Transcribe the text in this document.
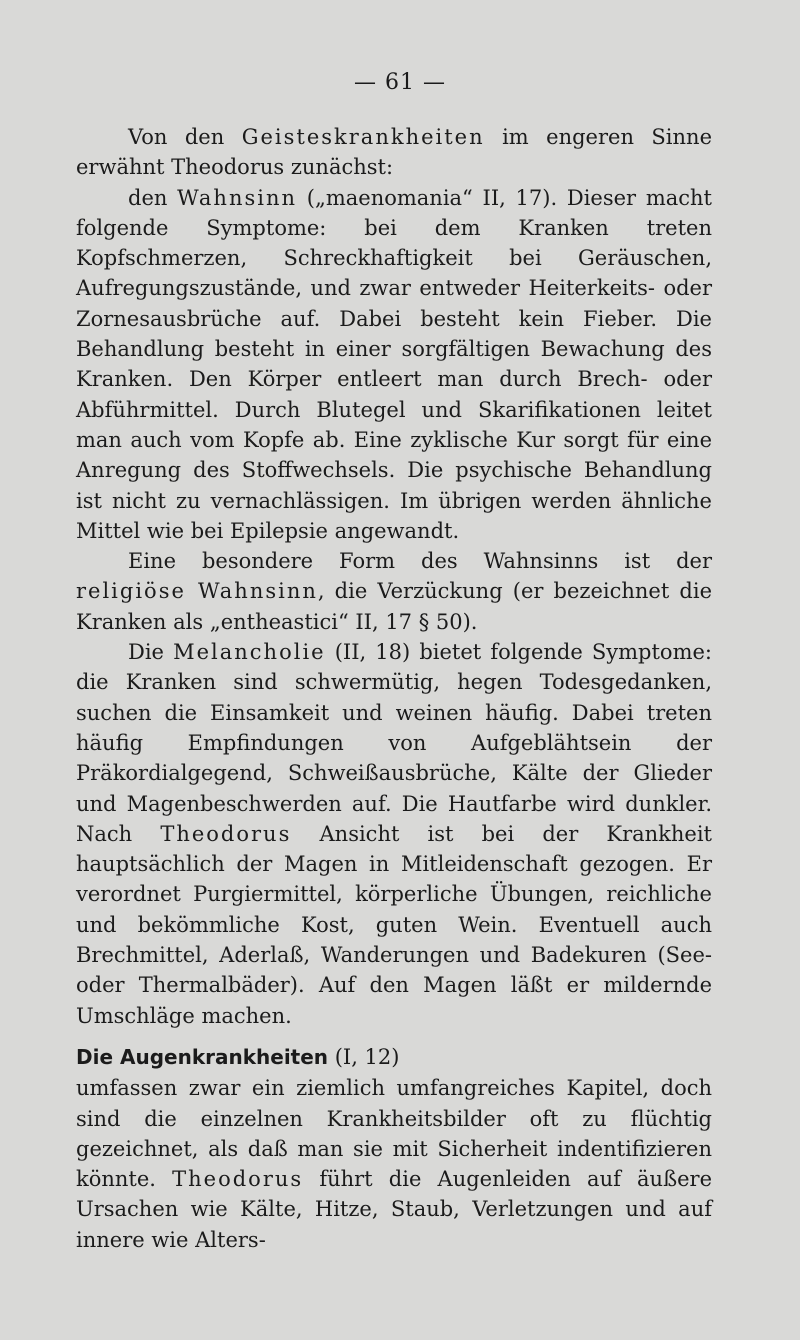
— 61 —

Von den Geisteskrankheiten im engeren Sinne erwähnt Theodorus zunächst:

den Wahnsinn („maenomania“ II, 17). Dieser macht folgende Symptome: bei dem Kranken treten Kopfschmerzen, Schreckhaftigkeit bei Geräuschen, Aufregungszustände, und zwar entweder Heiterkeits- oder Zornesausbrüche auf. Dabei besteht kein Fieber. Die Behandlung besteht in einer sorgfältigen Bewachung des Kranken. Den Körper entleert man durch Brech- oder Abführmittel. Durch Blutegel und Skarifikationen leitet man auch vom Kopfe ab. Eine zyklische Kur sorgt für eine Anregung des Stoffwechsels. Die psychische Behandlung ist nicht zu vernachlässigen. Im übrigen werden ähnliche Mittel wie bei Epilepsie angewandt.

Eine besondere Form des Wahnsinns ist der religiöse Wahnsinn, die Verzückung (er bezeichnet die Kranken als „entheastici“ II, 17 § 50).

Die Melancholie (II, 18) bietet folgende Symptome: die Kranken sind schwermütig, hegen Todesgedanken, suchen die Einsamkeit und weinen häufig. Dabei treten häufig Empfindungen von Aufgeblähtsein der Präkordialgegend, Schweißausbrüche, Kälte der Glieder und Magenbeschwerden auf. Die Hautfarbe wird dunkler. Nach Theodorus Ansicht ist bei der Krankheit hauptsächlich der Magen in Mitleidenschaft gezogen. Er verordnet Purgiermittel, körperliche Übungen, reichliche und bekömmliche Kost, guten Wein. Eventuell auch Brechmittel, Aderlaß, Wanderungen und Badekuren (See- oder Thermalbäder). Auf den Magen läßt er mildernde Umschläge machen.

Die Augenkrankheiten (I, 12)

umfassen zwar ein ziemlich umfangreiches Kapitel, doch sind die einzelnen Krankheitsbilder oft zu flüchtig gezeichnet, als daß man sie mit Sicherheit indentifizieren könnte. Theodorus führt die Augenleiden auf äußere Ursachen wie Kälte, Hitze, Staub, Verletzungen und auf innere wie Alters-
